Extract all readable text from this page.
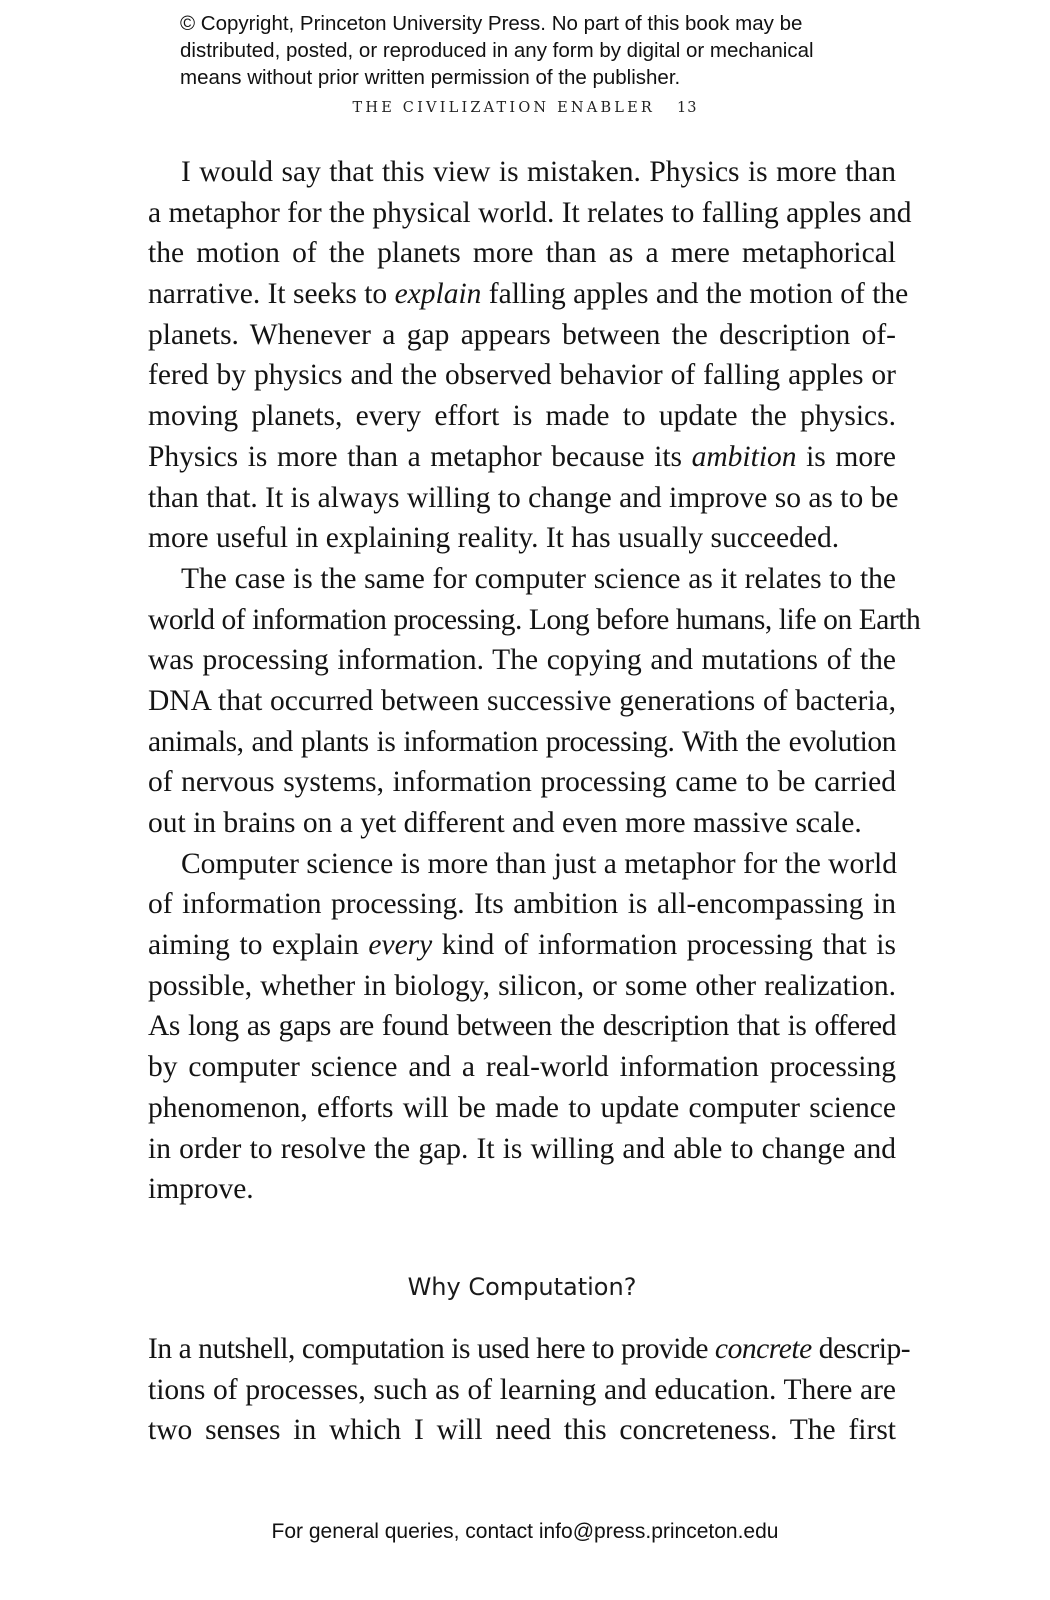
© Copyright, Princeton University Press. No part of this book may be
distributed, posted, or reproduced in any form by digital or mechanical
means without prior written permission of the publisher.
THE CIVILIZATION ENABLER 13
I would say that this view is mistaken. Physics is more than
a metaphor for the physical world. It relates to falling apples and
the motion of the planets more than as a mere metaphorical
narrative. It seeks to explain falling apples and the motion of the
planets. Whenever a gap appears between the description of-
fered by physics and the observed behavior of falling apples or
moving planets, every effort is made to update the physics.
Physics is more than a metaphor because its ambition is more
than that. It is always willing to change and improve so as to be
more useful in explaining reality. It has usually succeeded.
The case is the same for computer science as it relates to the
world of information processing. Long before humans, life on Earth
was processing information. The copying and mutations of the
DNA that occurred between successive generations of bacteria,
animals, and plants is information processing. With the evolution
of nervous systems, information processing came to be carried
out in brains on a yet different and even more massive scale.
Computer science is more than just a metaphor for the world
of information processing. Its ambition is all-encompassing in
aiming to explain every kind of information processing that is
possible, whether in biology, silicon, or some other realization.
As long as gaps are found between the description that is offered
by computer science and a real-world information processing
phenomenon, efforts will be made to update computer science
in order to resolve the gap. It is willing and able to change and
improve.
Why Computation?
In a nutshell, computation is used here to provide concrete descrip-
tions of processes, such as of learning and education. There are
two senses in which I will need this concreteness. The first
For general queries, contact info@press.princeton.edu
